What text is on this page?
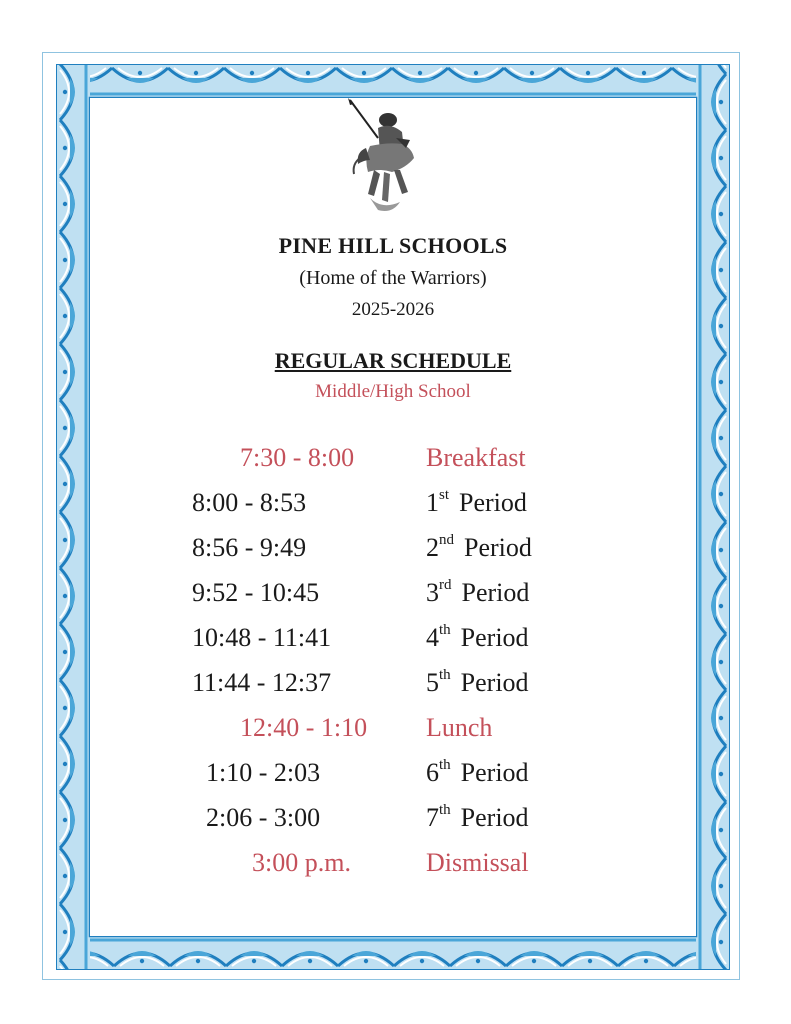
PINE HILL SCHOOLS
(Home of the Warriors)
2025-2026
REGULAR SCHEDULE
Middle/High School
7:30 - 8:00	Breakfast
8:00 - 8:53	1st Period
8:56 - 9:49	2nd Period
9:52 - 10:45	3rd Period
10:48 - 11:41	4th Period
11:44 - 12:37	5th Period
12:40 - 1:10 Lunch
1:10 - 2:03	6th Period
2:06 - 3:00	7th Period
3:00 p.m.	Dismissal
